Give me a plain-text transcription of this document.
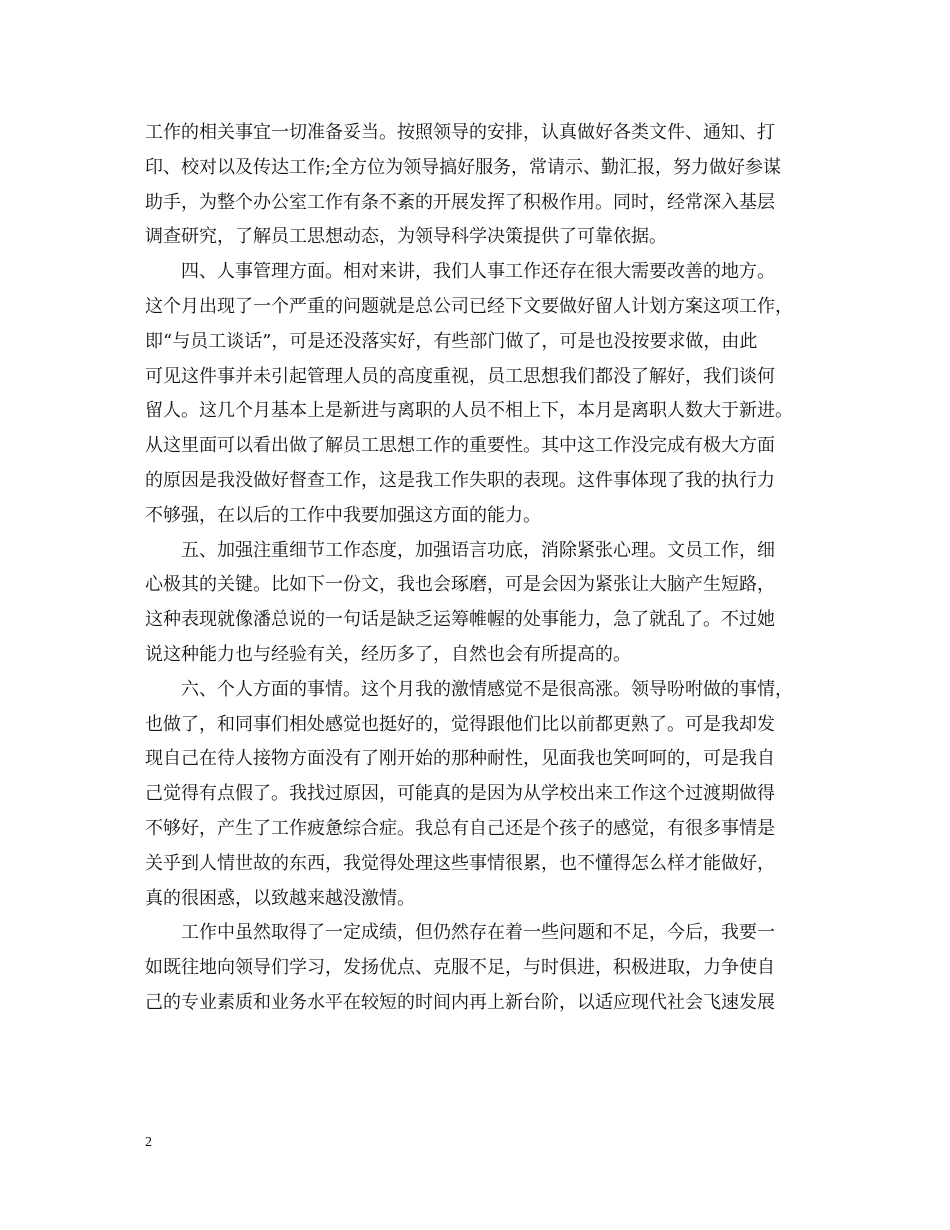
工作的相关事宜一切准备妥当。按照领导的安排，认真做好各类文件、通知、打
印、校对以及传达工作;全方位为领导搞好服务，常请示、勤汇报，努力做好参谋
助手，为整个办公室工作有条不紊的开展发挥了积极作用。同时，经常深入基层
调查研究，了解员工思想动态，为领导科学决策提供了可靠依据。
四、人事管理方面。相对来讲，我们人事工作还存在很大需要改善的地方。
这个月出现了一个严重的问题就是总公司已经下文要做好留人计划方案这项工作，
即“与员工谈话”，可是还没落实好，有些部门做了，可是也没按要求做，由此
可见这件事并未引起管理人员的高度重视，员工思想我们都没了解好，我们谈何
留人。这几个月基本上是新进与离职的人员不相上下，本月是离职人数大于新进。
从这里面可以看出做了解员工思想工作的重要性。其中这工作没完成有极大方面
的原因是我没做好督查工作，这是我工作失职的表现。这件事体现了我的执行力
不够强，在以后的工作中我要加强这方面的能力。
五、加强注重细节工作态度，加强语言功底，消除紧张心理。文员工作，细
心极其的关键。比如下一份文，我也会琢磨，可是会因为紧张让大脑产生短路，
这种表现就像潘总说的一句话是缺乏运筹帷幄的处事能力，急了就乱了。不过她
说这种能力也与经验有关，经历多了，自然也会有所提高的。
六、个人方面的事情。这个月我的激情感觉不是很高涨。领导吩咐做的事情，
也做了，和同事们相处感觉也挺好的，觉得跟他们比以前都更熟了。可是我却发
现自己在待人接物方面没有了刚开始的那种耐性，见面我也笑呵呵的，可是我自
己觉得有点假了。我找过原因，可能真的是因为从学校出来工作这个过渡期做得
不够好，产生了工作疲惫综合症。我总有自己还是个孩子的感觉，有很多事情是
关乎到人情世故的东西，我觉得处理这些事情很累，也不懂得怎么样才能做好，
真的很困惑，以致越来越没激情。
工作中虽然取得了一定成绩，但仍然存在着一些问题和不足，今后，我要一
如既往地向领导们学习，发扬优点、克服不足，与时俱进，积极进取，力争使自
己的专业素质和业务水平在较短的时间内再上新台阶，以适应现代社会飞速发展
2
